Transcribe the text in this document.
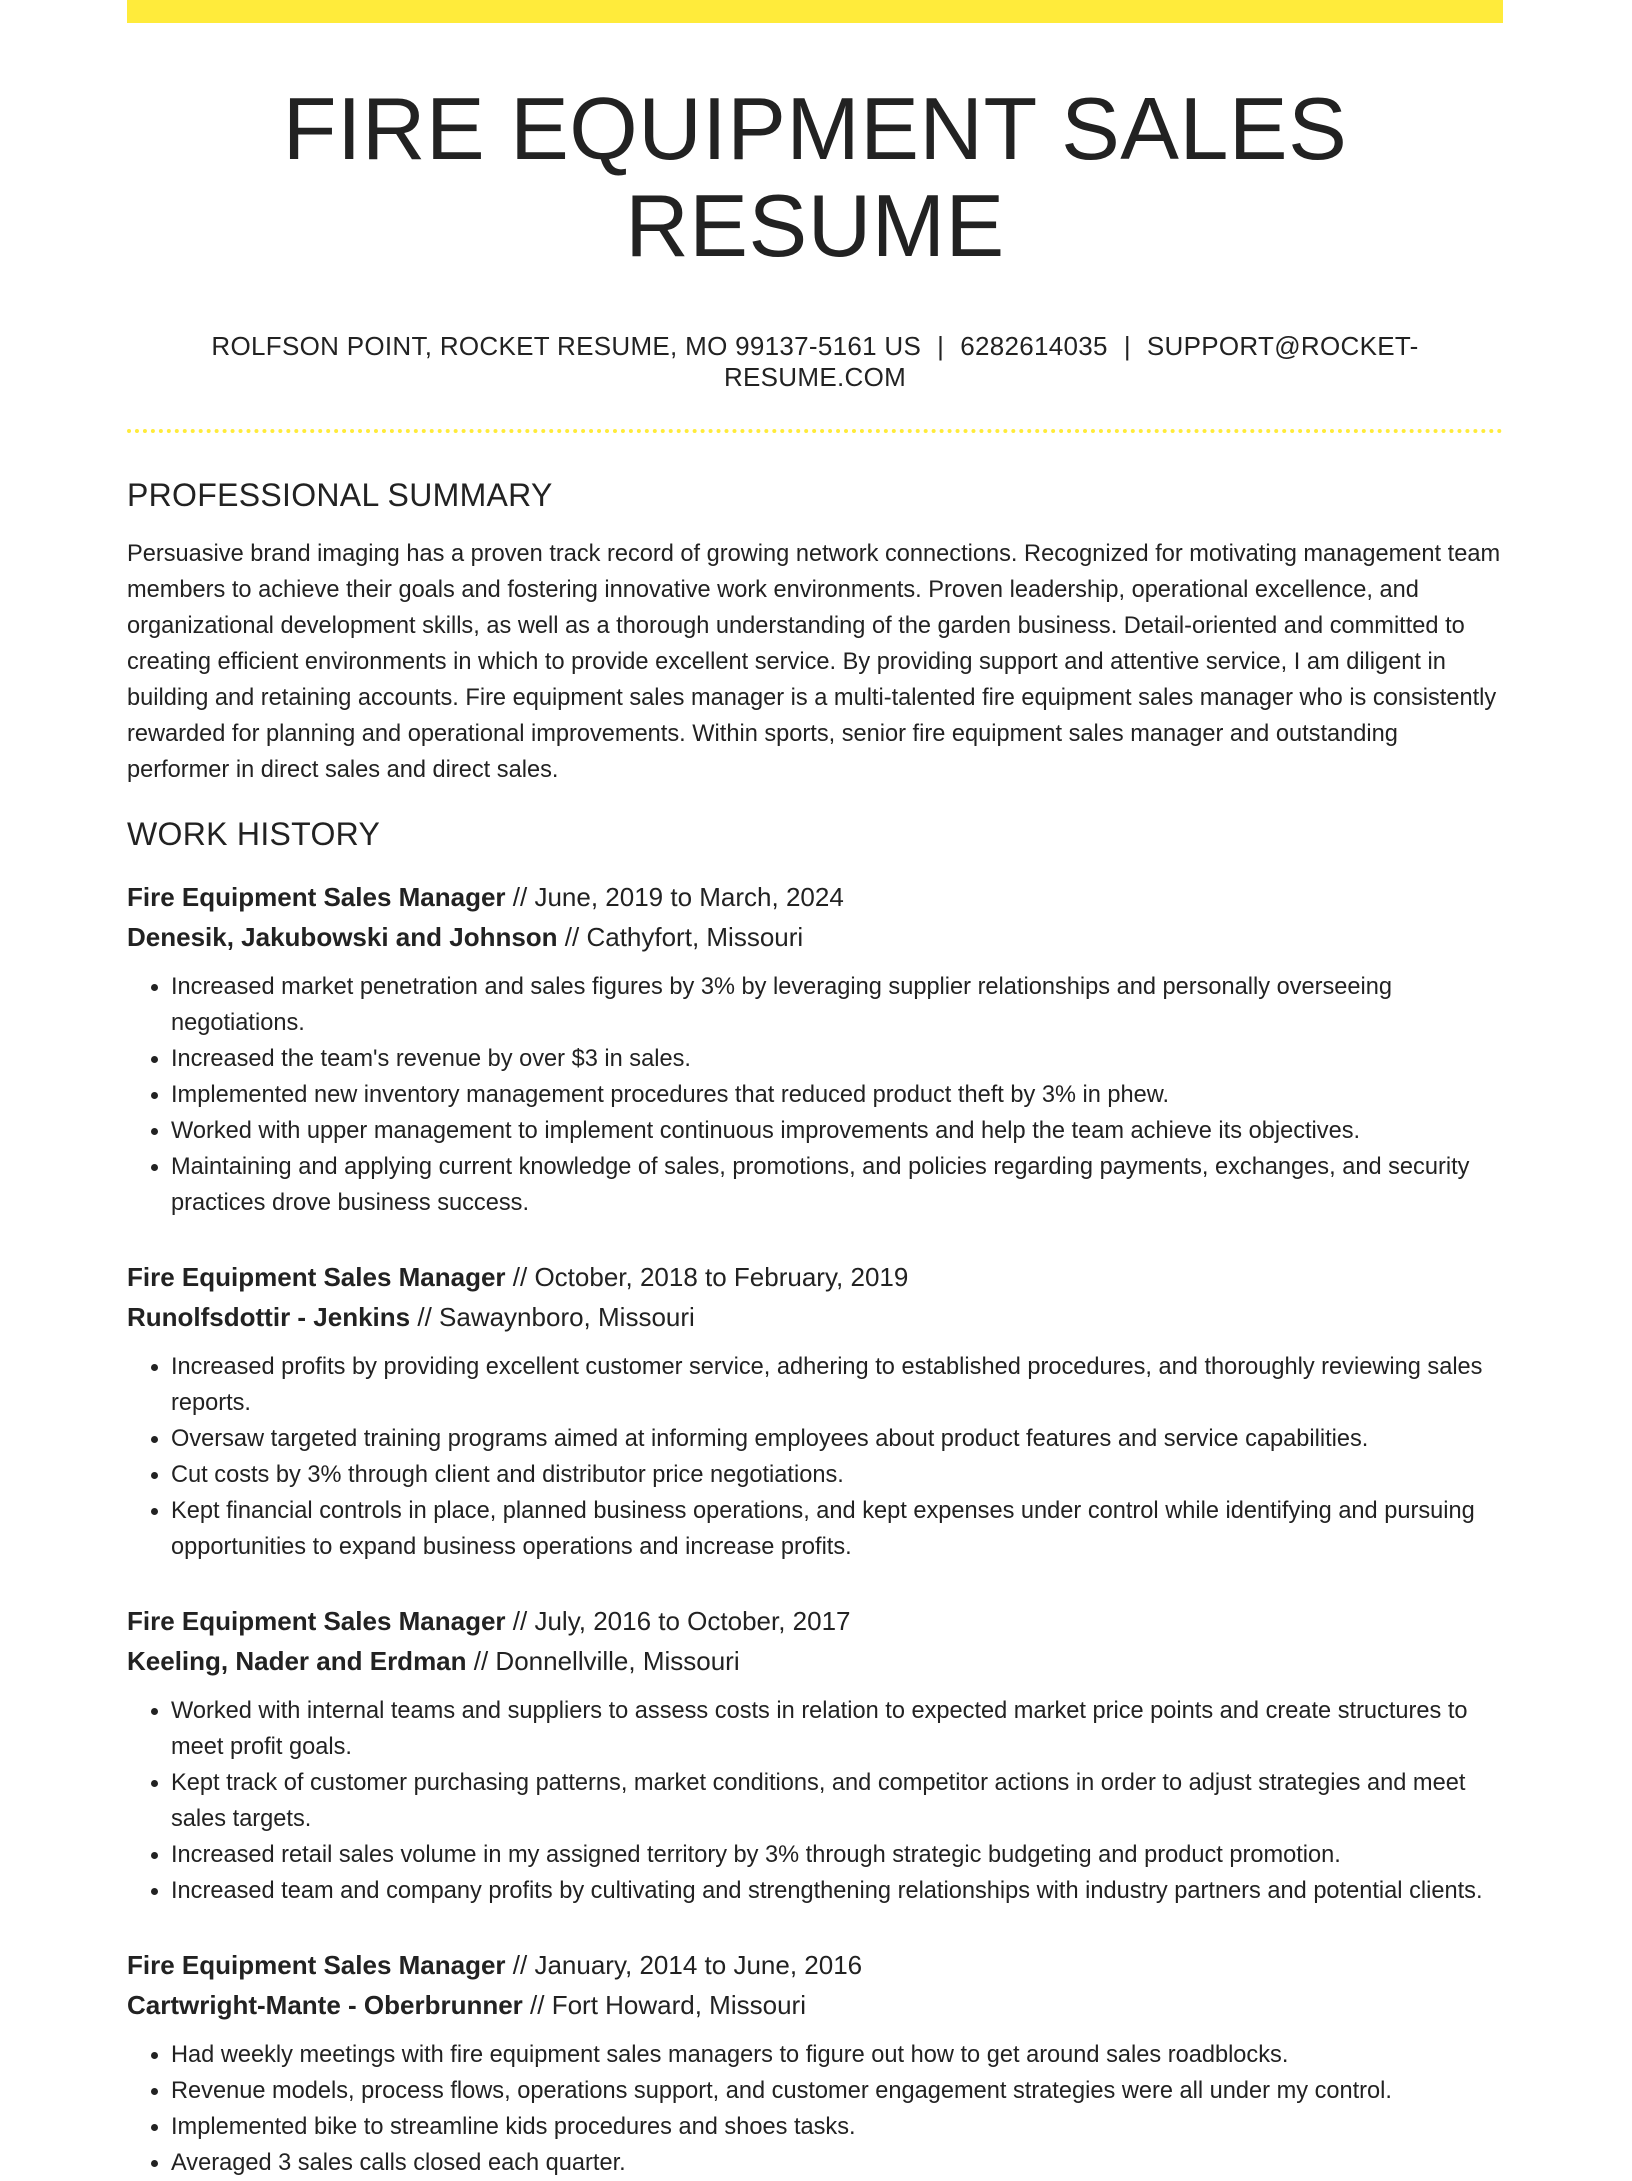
FIRE EQUIPMENT SALES RESUME
ROLFSON POINT, ROCKET RESUME, MO 99137-5161 US | 6282614035 | SUPPORT@ROCKET-RESUME.COM
PROFESSIONAL SUMMARY

Persuasive brand imaging has a proven track record of growing network connections. Recognized for motivating management team members to achieve their goals and fostering innovative work environments. Proven leadership, operational excellence, and organizational development skills, as well as a thorough understanding of the garden business. Detail-oriented and committed to creating efficient environments in which to provide excellent service. By providing support and attentive service, I am diligent in building and retaining accounts. Fire equipment sales manager is a multi-talented fire equipment sales manager who is consistently rewarded for planning and operational improvements. Within sports, senior fire equipment sales manager and outstanding performer in direct sales and direct sales.

WORK HISTORY
Fire Equipment Sales Manager // June, 2019 to March, 2024
Denesik, Jakubowski and Johnson // Cathyfort, Missouri
• Increased market penetration and sales figures by 3% by leveraging supplier relationships and personally overseeing negotiations.
• Increased the team's revenue by over $3 in sales.
• Implemented new inventory management procedures that reduced product theft by 3% in phew.
• Worked with upper management to implement continuous improvements and help the team achieve its objectives.
• Maintaining and applying current knowledge of sales, promotions, and policies regarding payments, exchanges, and security practices drove business success.
Fire Equipment Sales Manager // October, 2018 to February, 2019
Runolfsdottir - Jenkins // Sawaynboro, Missouri
• Increased profits by providing excellent customer service, adhering to established procedures, and thoroughly reviewing sales reports.
• Oversaw targeted training programs aimed at informing employees about product features and service capabilities.
• Cut costs by 3% through client and distributor price negotiations.
• Kept financial controls in place, planned business operations, and kept expenses under control while identifying and pursuing opportunities to expand business operations and increase profits.
Fire Equipment Sales Manager // July, 2016 to October, 2017
Keeling, Nader and Erdman // Donnellville, Missouri
• Worked with internal teams and suppliers to assess costs in relation to expected market price points and create structures to meet profit goals.
• Kept track of customer purchasing patterns, market conditions, and competitor actions in order to adjust strategies and meet sales targets.
• Increased retail sales volume in my assigned territory by 3% through strategic budgeting and product promotion.
• Increased team and company profits by cultivating and strengthening relationships with industry partners and potential clients.
Fire Equipment Sales Manager // January, 2014 to June, 2016
Cartwright-Mante - Oberbrunner // Fort Howard, Missouri
• Had weekly meetings with fire equipment sales managers to figure out how to get around sales roadblocks.
• Revenue models, process flows, operations support, and customer engagement strategies were all under my control.
• Implemented bike to streamline kids procedures and shoes tasks.
• Averaged 3 sales calls closed each quarter.
